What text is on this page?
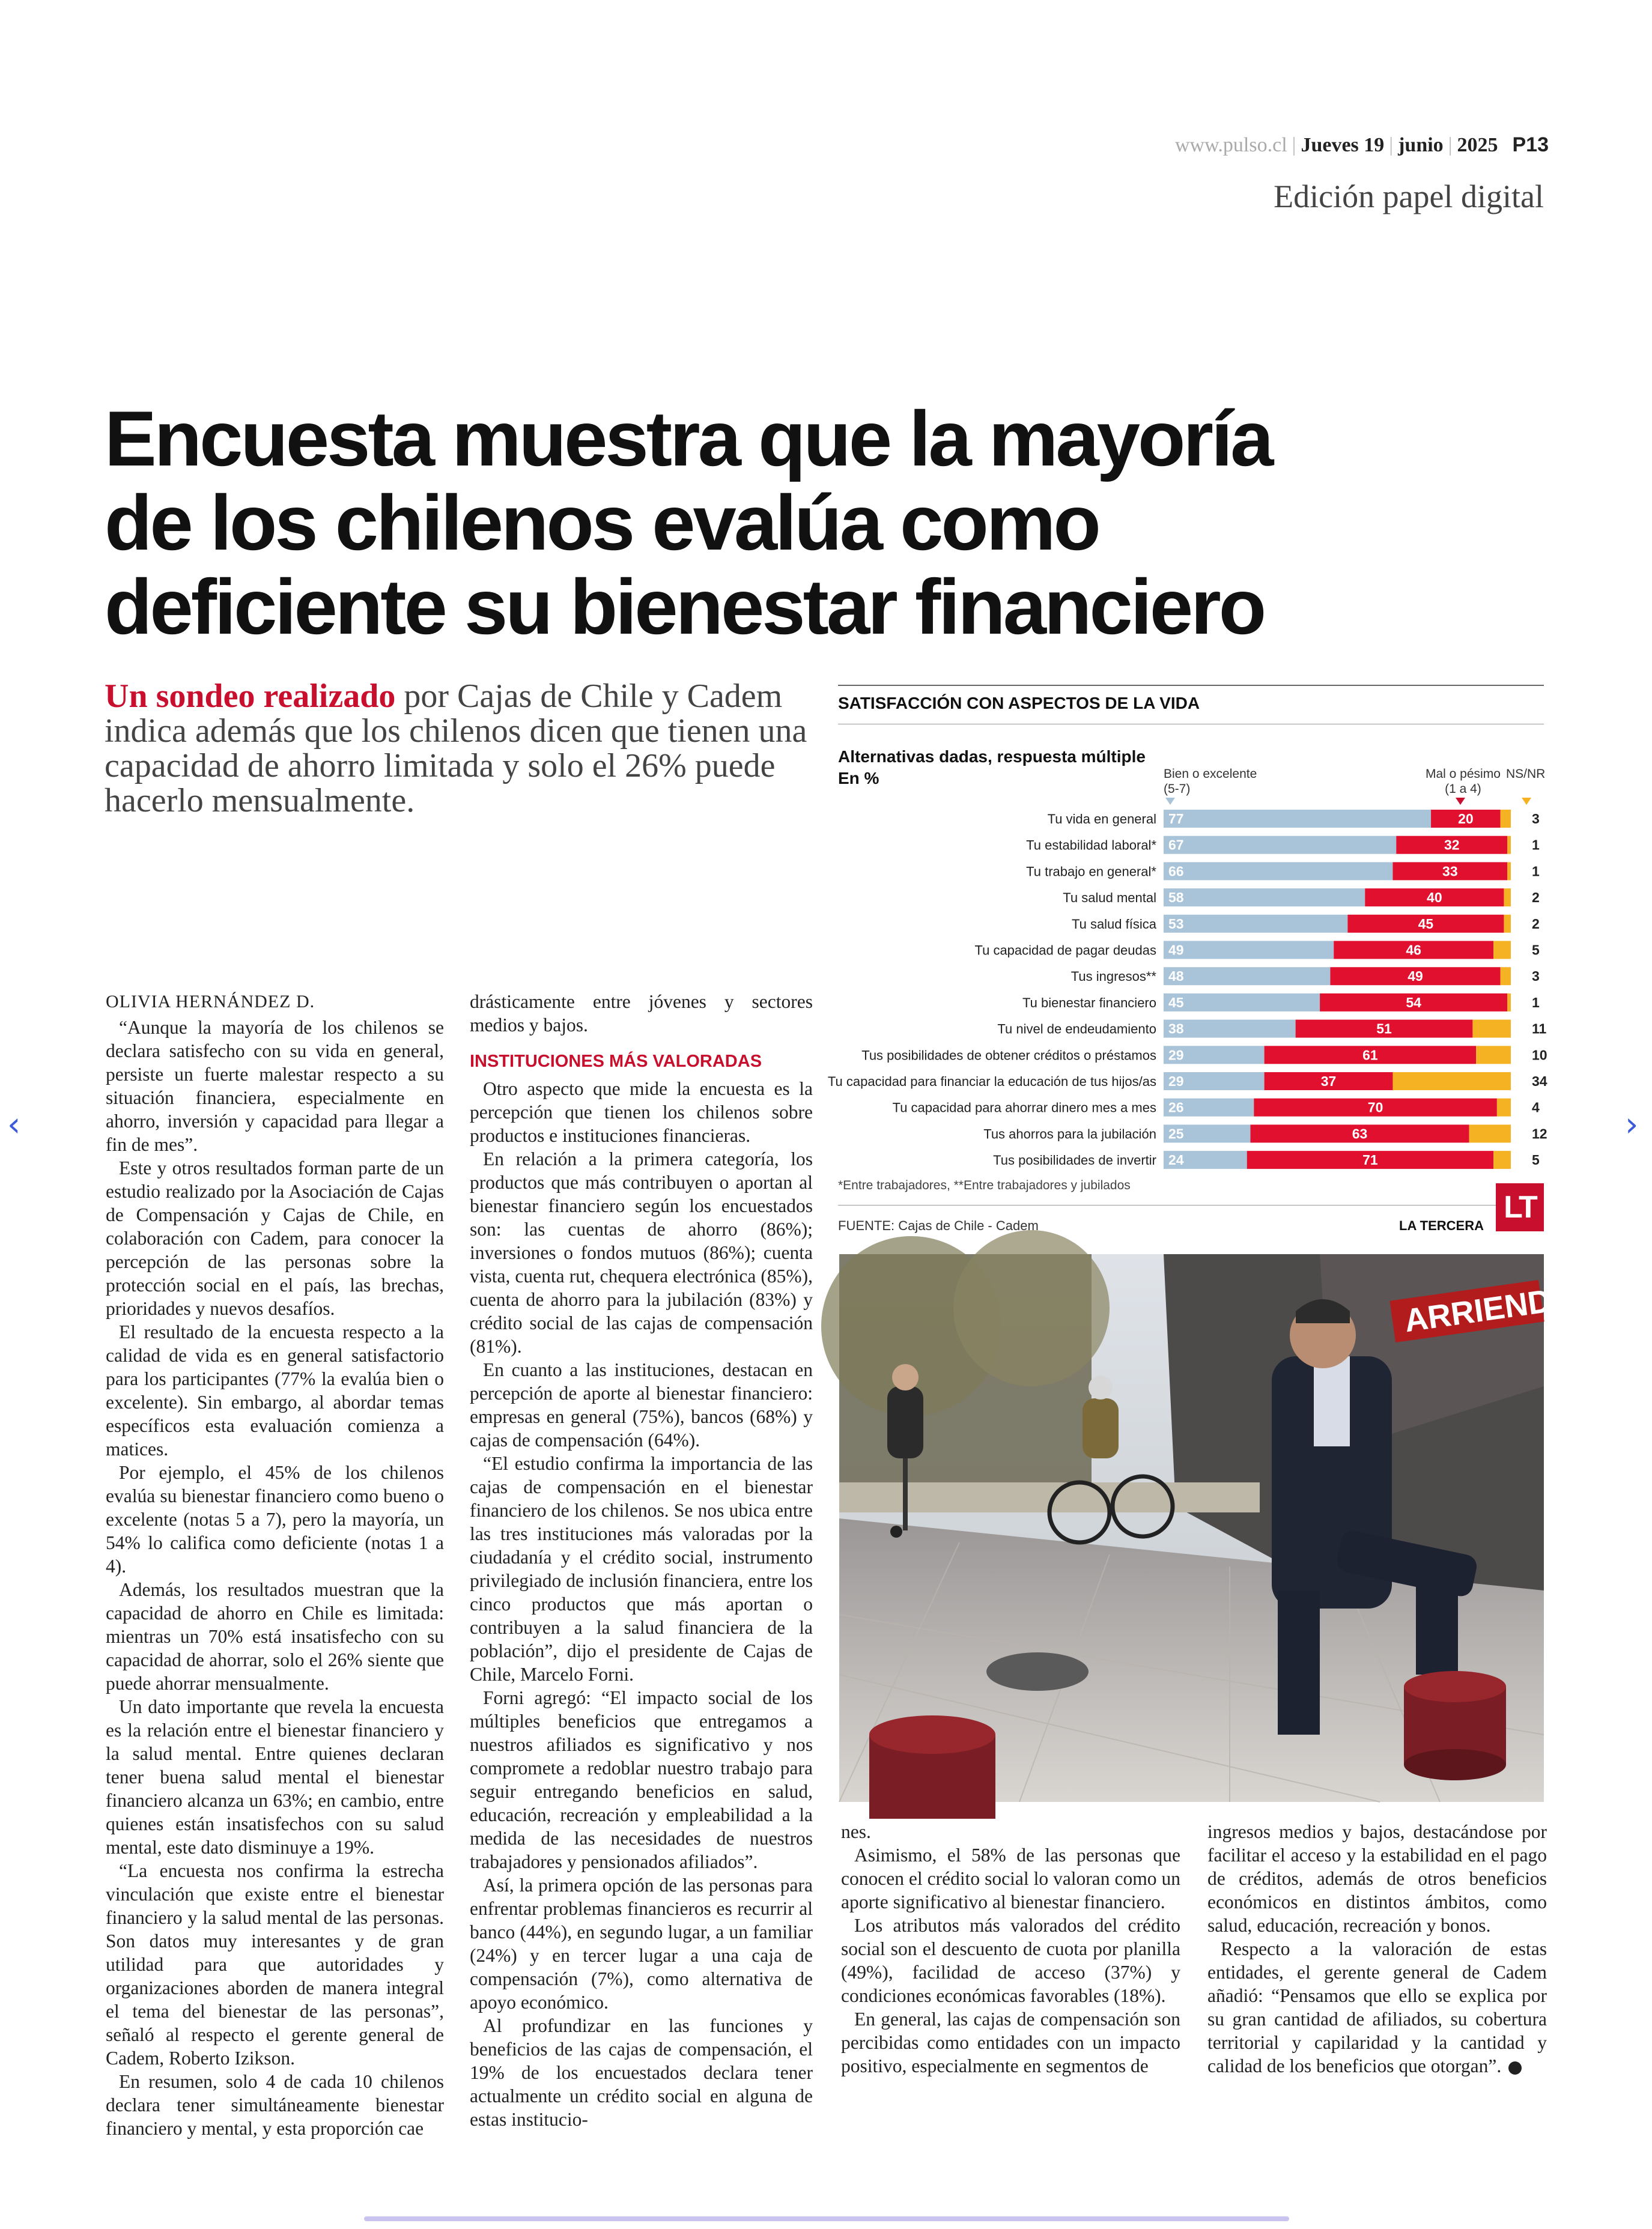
www.pulso.cl | Jueves 19 | junio | 2025 P13
Edición papel digital
Encuesta muestra que la mayoría de los chilenos evalúa como deficiente su bienestar financiero
Un sondeo realizado por Cajas de Chile y Cadem indica además que los chilenos dicen que tienen una capacidad de ahorro limitada y solo el 26% puede hacerlo mensualmente.
OLIVIA HERNÁNDEZ D.

“Aunque la mayoría de los chilenos se declara satisfecho con su vida en general, persiste un fuerte malestar respecto a su situación financiera, especialmente en ahorro, inversión y capacidad para llegar a fin de mes”.

Este y otros resultados forman parte de un estudio realizado por la Asociación de Cajas de Compensación y Cajas de Chile, en colaboración con Cadem, para conocer la percepción de las personas sobre la protección social en el país, las brechas, prioridades y nuevos desafíos.

El resultado de la encuesta respecto a la calidad de vida es en general satisfactorio para los participantes (77% la evalúa bien o excelente). Sin embargo, al abordar temas específicos esta evaluación comienza a matices.

Por ejemplo, el 45% de los chilenos evalúa su bienestar financiero como bueno o excelente (notas 5 a 7), pero la mayoría, un 54% lo califica como deficiente (notas 1 a 4).

Además, los resultados muestran que la capacidad de ahorro en Chile es limitada: mientras un 70% está insatisfecho con su capacidad de ahorrar, solo el 26% siente que puede ahorrar mensualmente.

Un dato importante que revela la encuesta es la relación entre el bienestar financiero y la salud mental. Entre quienes declaran tener buena salud mental el bienestar financiero alcanza un 63%; en cambio, entre quienes están insatisfechos con su salud mental, este dato disminuye a 19%.

“La encuesta nos confirma la estrecha vinculación que existe entre el bienestar financiero y la salud mental de las personas. Son datos muy interesantes y de gran utilidad para que autoridades y organizaciones aborden de manera integral el tema del bienestar de las personas”, señaló al respecto el gerente general de Cadem, Roberto Izikson.

En resumen, solo 4 de cada 10 chilenos declara tener simultáneamente bienestar financiero y mental, y esta proporción cae

drásticamente entre jóvenes y sectores medios y bajos.

INSTITUCIONES MÁS VALORADAS

Otro aspecto que mide la encuesta es la percepción que tienen los chilenos sobre productos e instituciones financieras.

En relación a la primera categoría, los productos que más contribuyen o aportan al bienestar financiero según los encuestados son: las cuentas de ahorro (86%); inversiones o fondos mutuos (86%); cuenta vista, cuenta rut, chequera electrónica (85%), cuenta de ahorro para la jubilación (83%) y crédito social de las cajas de compensación (81%).

En cuanto a las instituciones, destacan en percepción de aporte al bienestar financiero: empresas en general (75%), bancos (68%) y cajas de compensación (64%).

“El estudio confirma la importancia de las cajas de compensación en el bienestar financiero de los chilenos. Se nos ubica entre las tres instituciones más valoradas por la ciudadanía y el crédito social, instrumento privilegiado de inclusión financiera, entre los cinco productos que más aportan o contribuyen a la salud financiera de la población”, dijo el presidente de Cajas de Chile, Marcelo Forni.

Forni agregó: “El impacto social de los múltiples beneficios que entregamos a nuestros afiliados es significativo y nos compromete a redoblar nuestro trabajo para seguir entregando beneficios en salud, educación, recreación y empleabilidad a la medida de las necesidades de nuestros trabajadores y pensionados afiliados”.

Así, la primera opción de las personas para enfrentar problemas financieros es recurrir al banco (44%), en segundo lugar, a un familiar (24%) y en tercer lugar a una caja de compensación (7%), como alternativa de apoyo económico.

Al profundizar en las funciones y beneficios de las cajas de compensación, el 19% de los encuestados declara tener actualmente un crédito social en alguna de estas institucio-

nes.

Asimismo, el 58% de las personas que conocen el crédito social lo valoran como un aporte significativo al bienestar financiero.

Los atributos más valorados del crédito social son el descuento de cuota por planilla (49%), facilidad de acceso (37%) y condiciones económicas favorables (18%).

En general, las cajas de compensación son percibidas como entidades con un impacto positivo, especialmente en segmentos de

ingresos medios y bajos, destacándose por facilitar el acceso y la estabilidad en el pago de créditos, además de otros beneficios económicos en distintos ámbitos, como salud, educación, recreación y bonos.

Respecto a la valoración de estas entidades, el gerente general de Cadem añadió: “Pensamos que ello se explica por su gran cantidad de afiliados, su cobertura territorial y capilaridad y la cantidad y calidad de los beneficios que otorgan”.

SATISFACCIÓN CON ASPECTOS DE LA VIDA
Alternativas dadas, respuesta múltiple
En %	Bien o excelente
(5-7)
Mal o pésimo
(1 a 4)
NS/NR
Tu vida en general 77	20	3
Tu estabilidad laboral* 67	32	1
Tu trabajo en general* 66	33	1
Tu salud mental 58	40	2
Tu salud física 53	45	2
Tu capacidad de pagar deudas 49	46	5
Tus ingresos** 48	49	3
Tu bienestar financiero 45	54	1
Tu nivel de endeudamiento 38	51	11
Tus posibilidades de obtener créditos o préstamos 29	61	10
Tu capacidad para financiar la educación de tus hijos/as 29	37	34
Tu capacidad para ahorrar dinero mes a mes 26	70	4
Tus ahorros para la jubilación 25	63	12
Tus posibilidades de invertir 24	71	5
*Entre trabajadores, **Entre trabajadores y jubilados
FUENTE: Cajas de Chile - Cadem	LA TERCERA
LT
ARRIENDA
‹	›
